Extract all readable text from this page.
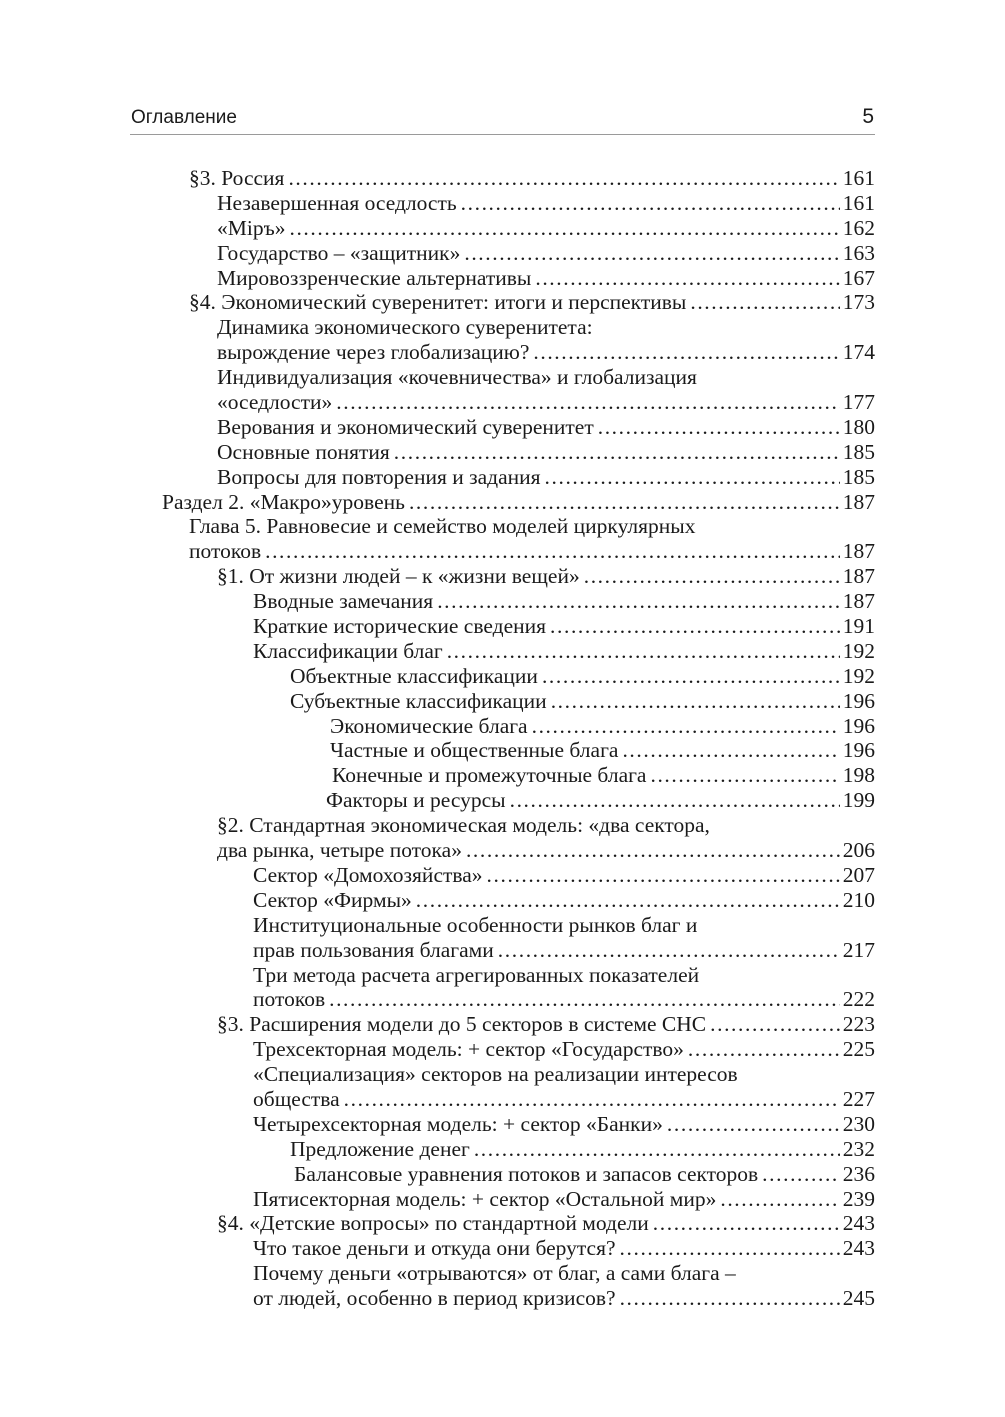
Оглавление	5
§3. Россия .....	161
Незавершенная оседлость .....	161
«Мiръ» .....	162
Государство – «защитник» .....	163
Мировоззренческие альтернативы .....	167
§4. Экономический суверенитет: итоги и перспективы .....	173
Динамика экономического суверенитета:
вырождение через глобализацию? .....	174
Индивидуализация «кочевничества» и глобализация
«оседлости» .....	177
Верования и экономический суверенитет .....	180
Основные понятия .....	185
Вопросы для повторения и задания .....	185
Раздел 2. «Макро»уровень .....	187
Глава 5. Равновесие и семейство моделей циркулярных
потоков .....	187
§1. От жизни людей – к «жизни вещей» .....	187
Вводные замечания .....	187
Краткие исторические сведения .....	191
Классификации благ .....	192
Объектные классификации .....	192
Субъектные классификации .....	196
Экономические блага .....	196
Частные и общественные блага .....	196
Конечные и промежуточные блага .....	198
Факторы и ресурсы .....	199
§2. Стандартная экономическая модель: «два сектора,
два рынка, четыре потока» .....	206
Сектор «Домохозяйства» .....	207
Сектор «Фирмы» .....	210
Институциональные особенности рынков благ и
прав пользования благами .....	217
Три метода расчета агрегированных показателей
потоков .....	222
§3. Расширения модели до 5 секторов в системе СНС .....	223
Трехсекторная модель: + сектор «Государство» .....	225
«Специализация» секторов на реализации интересов
общества .....	227
Четырехсекторная модель: + сектор «Банки» .....	230
Предложение денег .....	232
Балансовые уравнения потоков и запасов секторов .....	236
Пятисекторная модель: + сектор «Остальной мир» .....	239
§4. «Детские вопросы» по стандартной модели .....	243
Что такое деньги и откуда они берутся? .....	243
Почему деньги «отрываются» от благ, а сами блага –
от людей, особенно в период кризисов? .....	245
